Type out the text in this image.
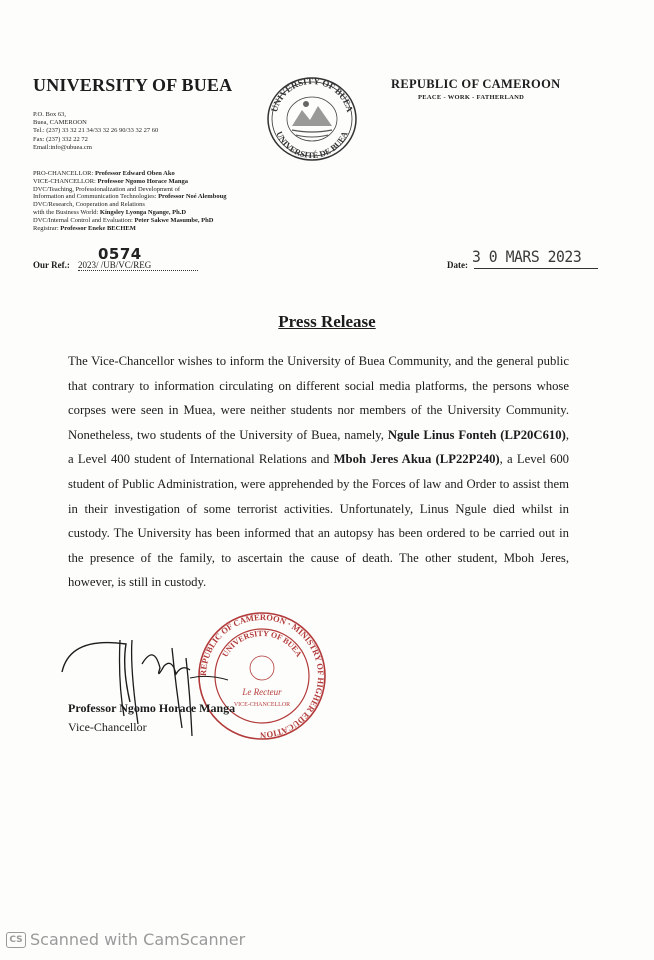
UNIVERSITY OF BUEA	REPUBLIC OF CAMEROON
PEACE - WORK - FATHERLAND
UNIVERSITY OF BUEA
UNIVERSITÉ DE BUEA
P.O. Box 63,
Buea, CAMEROON
Tel.: (237) 33 32 21 34/33 32 26 90/33 32 27 60
Fax: (237) 332 22 72
Email:info@ubuea.cm
PRO-CHANCELLOR: Professor Edward Oben Ako
VICE-CHANCELLOR: Professor Ngomo Horace Manga
DVC/Teaching, Professionalization and Development of
Information and Communication Technologies: Professor Noé Alemboug
DVC/Research, Cooperation and Relations
with the Business World: Kingsley Lyonga Ngange, Ph.D
DVC/Internal Control and Evaluation: Peter Sakwe Masumbe, PhD
Registrar: Professor Eneke BECHEM
Our Ref.: 2023/ /UB/VC/REG
0574
Date: 3 0 MARS 2023
Press Release
The Vice-Chancellor wishes to inform the University of Buea Community, and the general public that contrary to information circulating on different social media platforms, the persons whose corpses were seen in Muea, were neither students nor members of the University Community. Nonetheless, two students of the University of Buea, namely, Ngule Linus Fonteh (LP20C610), a Level 400 student of International Relations and Mboh Jeres Akua (LP22P240), a Level 600 student of Public Administration, were apprehended by the Forces of law and Order to assist them in their investigation of some terrorist activities. Unfortunately, Linus Ngule died whilst in custody. The University has been informed that an autopsy has been ordered to be carried out in the presence of the family, to ascertain the cause of death. The other student, Mboh Jeres, however, is still in custody.
REPUBLIC OF CAMEROON · MINISTRY OF HIGHER EDUCATION
UNIVERSITY OF BUEA
Le Recteur
VICE-CHANCELLOR
Professor Ngomo Horace Manga
Vice-Chancellor
CS Scanned with CamScanner
